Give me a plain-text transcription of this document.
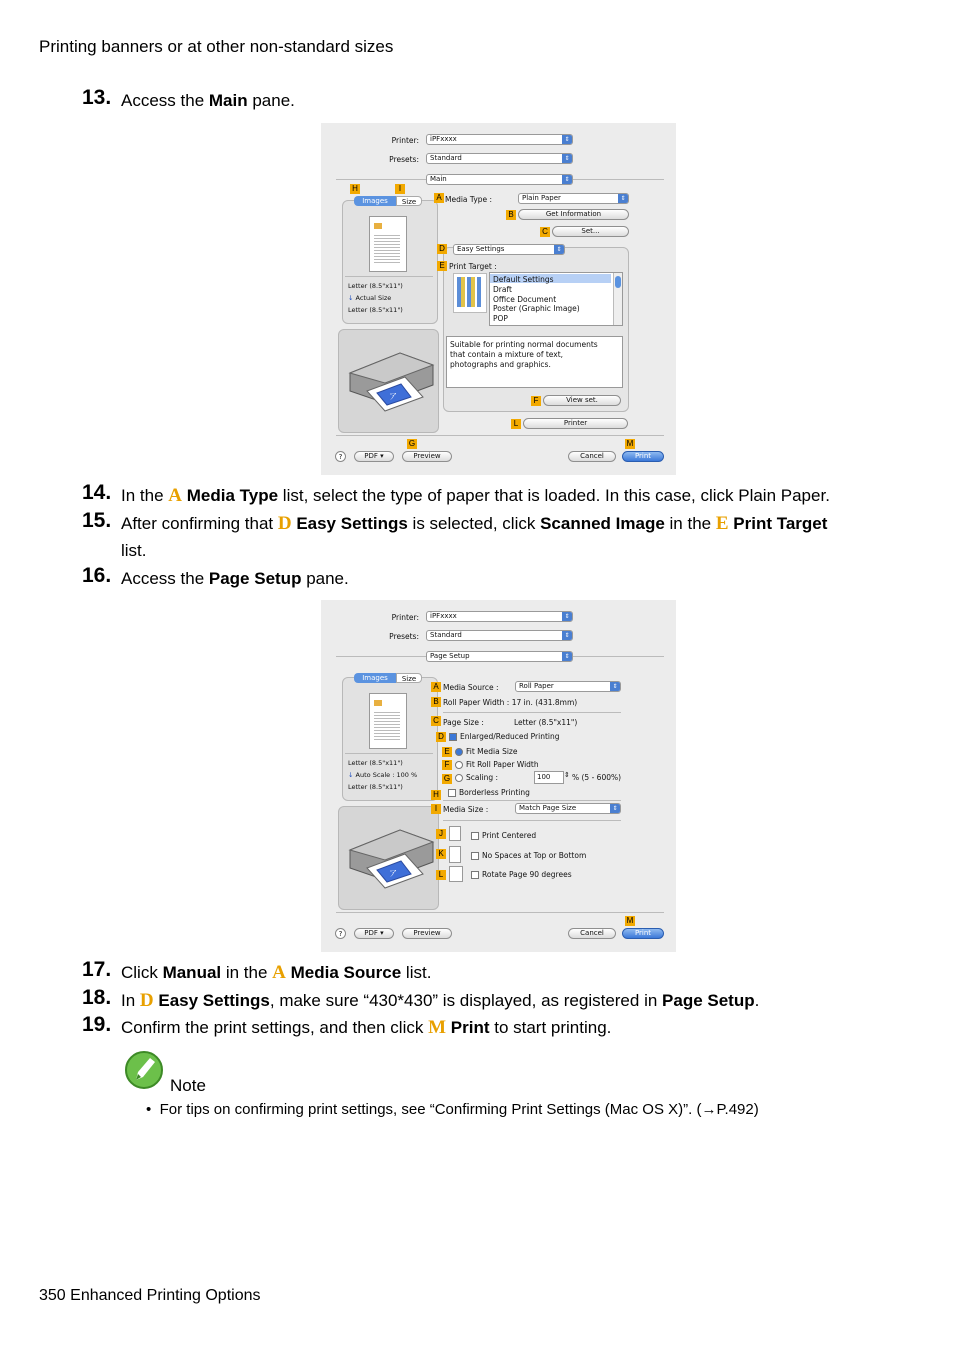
Printing banners or at other non-standard sizes
13. Access the Main pane.
Printer:	iPFxxxx	⇕
Presets:	Standard	⇕
Main	⇕
H	I
Images	Size
Letter (8.5"x11")
↓ Actual Size
Letter (8.5"x11")
ア
A Media Type :	Plain Paper	⇕
B	Get Information
C	Set...
D	Easy Settings	⇕
E Print Target :
Default Settings
Draft
Office Document
Poster (Graphic Image)
POP
Suitable for printing normal documents that contain a mixture of text, photographs and graphics.
F	View set.
L	Printer
G	M
?	PDF ▾	Preview	Cancel	Print
14. In the A Media Type list, select the type of paper that is loaded. In this case, click Plain Paper.
15. After confirming that D Easy Settings is selected, click Scanned Image in the E Print Target
list.
16. Access the Page Setup pane.
Printer:	iPFxxxx	⇕
Presets:	Standard	⇕
Page Setup	⇕
Images	Size
Letter (8.5"x11")
↓ Auto Scale : 100 %
Letter (8.5"x11")
ア
A Media Source :	Roll Paper	⇕
B Roll Paper Width : 17 in. (431.8mm)
C Page Size :	Letter (8.5"x11")
D	Enlarged/Reduced Printing
E	Fit Media Size
F	Fit Roll Paper Width
G	Scaling :	100	⇕ % (5 - 600%)
H	Borderless Printing
I Media Size :	Match Page Size	⇕
J	Print Centered
K	No Spaces at Top or Bottom
L	Rotate Page 90 degrees
M
?	PDF ▾	Preview	Cancel	Print
17. Click Manual in the A Media Source list.
18. In D Easy Settings, make sure “430*430” is displayed, as registered in Page Setup.
19. Confirm the print settings, and then click M Print to start printing.
Note
• For tips on confirming print settings, see “Confirming Print Settings (Mac OS X)”. (→P.492)
350 Enhanced Printing Options
